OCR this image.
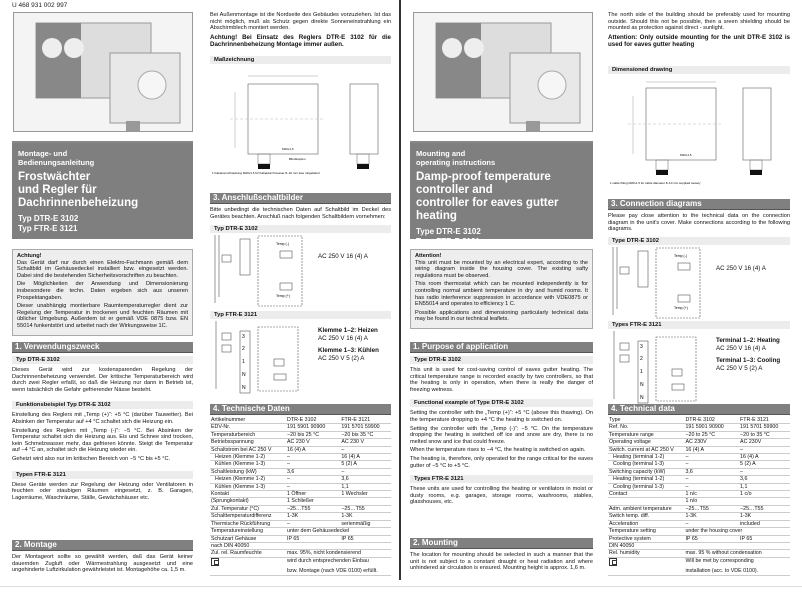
U 468 931 002 997
Montage- und
Bedienungsanleitung
Frostwächter
und Regler für
Dachrinnenbeheizung
Typ DTR-E 3102
Typ FTR-E 3121
Achtung!

Das Gerät darf nur durch einen Elektro-Fachmann gemäß dem Schaltbild im Gehäusedeckel installiert bzw. eingesetzt werden. Dabei sind die bestehenden Sicherheitsvorschriften zu beachten.

Die Möglichkeiten der Anwendung und Dimensionierung insbesondere die techn. Daten ergeben sich aus unseren Prospektangaben.

Dieser unabhängig montierbare Raumtemperaturregler dient zur Regelung der Temperatur in trockenen und feuchten Räumen mit üblicher Umgebung. Außerdem ist er gemäß VDE 0875 bzw. EN 55014 funkentstört und arbeitet nach der Wirkungsweise 1C.

1. Verwendungszweck
Typ DTR-E 3102

Dieses Gerät wird zur kostensparenden Regelung der Dachrinnenbeheizung verwendet. Der kritische Temperaturbereich wird durch zwei Regler erfaßt, so daß die Heizung nur dann in Betrieb ist, wenn tatsächlich die Gefahr gefrierender Nässe besteht.

Funktionsbeispiel Typ DTR-E 3102

Einstellung des Reglers mit „Temp (+)“: +5 °C (darüber Tauwetter). Bei Absinken der Temperatur auf +4 °C schaltet sich die Heizung ein.

Einstellung des Reglers mit „Temp (-)“: −5 °C. Bei Absinken der Temperatur schaltet sich die Heizung aus. Eis und Schnee sind trocken, kein Schmelzwasser mehr, das gefrieren könnte. Steigt die Temperatur auf −4 °C an, schaltet sich die Heizung wieder ein.

Geheizt wird also nur im kritischen Bereich von −5 °C bis +5 °C.

Typen FTR-E 3121

Diese Geräte werden zur Regelung der Heizung oder Ventilatoren in feuchten oder staubigen Räumen eingesetzt, z. B. Garagen, Lagerräume, Waschräume, Ställe, Gewächshäuser etc.

2. Montage

Der Montageort sollte so gewählt werden, daß das Gerät keiner dauernden Zugluft oder Wärmestrahlung ausgesetzt und eine ungehinderte Luftzirkulation gewährleistet ist. Montagehöhe ca. 1,5 m.

Bei Außenmontage ist die Nordseite des Gebäudes vorzuziehen. Ist das nicht möglich, muß als Schutz gegen direkte Sonneneinstrahlung ein Abschirmblech montiert werden.

Achtung! Bei Einsatz des Reglers DTR-E 3102 für die Dachrinnenbeheizung Montage immer außen.

Maßzeichnung
M20x1,5
Blindstopfen
1 Kabelverschraubung M20x1,5 für Kabeldurchmesser 8–10 mm lose mitgeliefert
3. Anschlußschaltbilder

Bitte unbedingt die technischen Daten auf Schaltbild im Deckel des Gerätes beachten. Anschluß nach folgenden Schaltbildern vornehmen:

Typ DTR-E 3102
Temp (-)
Temp (+)
AC 250 V 16 (4) A
Typ FTR-E 3121
3
2
1
N
N
Klemme 1–2: Heizen
AC 250 V 16 (4) A
Klemme 1–3: Kühlen
AC 250 V 5 (2) A
4. Technische Daten
Artikelnummer	DTR-E 3102	FTR-E 3121
EDV-Nr.	191 5901 90900	191 5701 59900
Temperaturbereich	−20 bis 25 °C	−20 bis 35 °C
Betriebsspannung	AC 230 V	AC 230 V
Schaltstrom bei AC 250 V	16 (4) A	–
Heizen (Klemme 1-2)	–	16 (4) A
Kühlen (Klemme 1-3)	–	5 (2) A
Schaltleistung (kW)	3,6	–
Heizen (Klemme 1-2)	–	3,6
Kühlen (Klemme 1-3)	–	1,1
Kontakt	1 Öffner	1 Wechsler
(Sprungkontakt)	1 Schließer	
Zul. Temperatur (°C)	−25…T55	−25…T55
Schalttemperaturdifferenz	1-3K	1-3K
Thermische Rückführung	–	serienmäßig
Temperatureinstellung	unter dem Gehäusedeckel	
Schutzart Gehäuse	IP 65	IP 65
nach DIN 40050		
Zul. rel. Raumfeuchte	max. 95%, nicht kondensierend	
	wird durch entsprechenden Einbau	
	bzw. Montage (nach VDE 0100) erfüllt.	
Mounting and
operating instructions
Damp-proof temperature
controller and
controller for eaves gutter heating
Type DTR-E 3102
Type FTR-E 3121
Attention!

This unit must be mounted by an electrical expert, according to the wiring diagram inside the housing cover. The existing safty regulations must be observed.

This room thermostat which can be mounted independently is for controlling normal ambient temperature in dry and humid rooms. It has radio interference suppression in accordance with VDE0875 or EN55014 and operates to efficiency 1 C.

Possible applications and dimensioning particularly technical data may be found in our technical leaflets.

1. Purpose of application
Type DTR-E 3102

This unit is used for cost-saving control of eaves gutter heating. The critical temperature range is recorded exactly by two controllers, so that the heating is only in operation, when there is really the danger of freezing wetness.

Functional example of Type DTR-E 3102

Setting the controller with the „Temp (+)“: +5 °C (above this thawing). On the temperature dropping to +4 °C the heating is switched on.

Setting the controller with the „Temp (-)“: −5 °C. On the temperature dropping the heating is switched off ice and snow are dry, there is no melted snow and ice that could freeze.

When the temperature rises to −4 °C, the heating is switched on again.

The heating is, therefore, only operated for the range critical for the eaves gutter of −5 °C to +5 °C.

Types FTR-E 3121

These units are used for controlling the heating or ventilators in moist or dusty rooms, e.g. garages, storage rooms, washrooms, stables, glasshouses, etc.

2. Mounting

The location for mounting should be selected in such a manner that the unit is not subject to a constant draught or heat radiation and where unhindered air circulation is ensured. Mounting height is approx. 1,6 m.

The north side of the building should be preferably used for mounting outside. Should this not be possible, then a sreen shielding should be mounted as protection against direct - sunlight.

Attention: Only outside mounting for the unit DTR-E 3102 is used for eaves gutter heating

Dimensioned drawing
M20x1,5
1 cable fitting M20x1,5 for cable diameter 8–10 mm supplied loosely
3. Connection diagrams

Please pay close attention to the technical data on the connection diagram in the unit's cover. Make connections according to the following diagrams.

Type DTR-E 3102
Temp (-)
Temp (+)
AC 250 V 16 (4) A
Types FTR-E 3121
3
2
1
N
N
Terminal 1–2: Heating
AC 250 V 16 (4) A
Terminal 1–3: Cooling
AC 250 V 5 (2) A
4. Technical data
Type	DTR-E 3102	FTR-E 3121
Ref. No.	191 5901 90900	191 5701 59900
Temperature range	−20 to 25 °C	−20 to 35 °C
Operating voltage	AC 230V	AC 230V
Switch. current at AC 250 V	16 (4) A	–
Heating (terminal 1-2)	–	16 (4) A
Cooling (terminal 1-3)	–	5 (2) A
Switching capacity (kW)	3,6	–
Heating (terminal 1-2)	–	3,6
Cooling (terminal 1-3)	–	1,1
Contact	1 n/c	1 c/o
	1 n/o	
Adm. ambient temperature	−25…T55	−25…T55
Switch temp. diff.	1-3K	1-3K
Acceleration	–	included
Temperature setting	under the housing cover	
Protective system	IP 65	IP 65
DIN 40050		
Rel. humidity	max. 95 % without condensation	
	Will be met by corresponding	
	installation (acc. to VDE 0100).	
